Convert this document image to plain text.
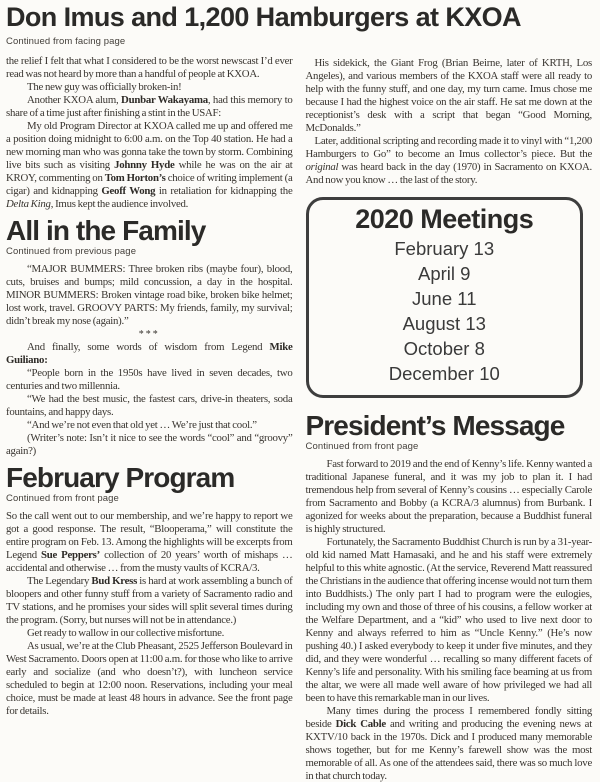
Don Imus and 1,200 Hamburgers at KXOA
Continued from facing page

the relief I felt that what I considered to be the worst newscast I’d ever read was not heard by more than a handful of people at KXOA.

The new guy was officially broken-in!

Another KXOA alum, Dunbar Wakayama, had this memory to share of a time just after finishing a stint in the USAF:

My old Program Director at KXOA called me up and offered me a position doing midnight to 6:00 a.m. on the Top 40 station. He had a new morning man who was gonna take the town by storm. Combining live bits such as visiting Johnny Hyde while he was on the air at KROY, commenting on Tom Horton’s choice of writing implement (a cigar) and kidnapping Geoff Wong in retaliation for kidnapping the Delta King, Imus kept the audience involved.

All in the Family
Continued from previous page

“MAJOR BUMMERS: Three broken ribs (maybe four), blood, cuts, bruises and bumps; mild concussion, a day in the hospital. MINOR BUMMERS: Broken vintage road bike, broken bike helmet; lost work, travel. GROOVY PARTS: My friends, family, my survival; didn’t break my nose (again).”

***

And finally, some words of wisdom from Legend Mike Guiliano:

“People born in the 1950s have lived in seven decades, two centuries and two millennia.

“We had the best music, the fastest cars, drive-in theaters, soda fountains, and happy days.

“And we’re not even that old yet … We’re just that cool.”

(Writer’s note: Isn’t it nice to see the words “cool” and “groovy” again?)

February Program
Continued from front page

So the call went out to our membership, and we’re happy to report we got a good response. The result, “Blooperama,” will constitute the entire program on Feb. 13. Among the highlights will be excerpts from Legend Sue Peppers’ collection of 20 years’ worth of mishaps … accidental and otherwise … from the musty vaults of KCRA/3.

The Legendary Bud Kress is hard at work assembling a bunch of bloopers and other funny stuff from a variety of Sacramento radio and TV stations, and he promises your sides will split several times during the program. (Sorry, but nurses will not be in attendance.)

Get ready to wallow in our collective misfortune.

As usual, we’re at the Club Pheasant, 2525 Jefferson Boulevard in West Sacramento. Doors open at 11:00 a.m. for those who like to arrive early and socialize (and who doesn’t?), with luncheon service scheduled to begin at 12:00 noon. Reservations, including your meal choice, must be made at least 48 hours in advance. See the front page for details.

His sidekick, the Giant Frog (Brian Beirne, later of KRTH, Los Angeles), and various members of the KXOA staff were all ready to help with the funny stuff, and one day, my turn came. Imus chose me because I had the highest voice on the air staff. He sat me down at the receptionist’s desk with a script that began “Good Morning, McDonalds.”

Later, additional scripting and recording made it to vinyl with “1,200 Hamburgers to Go” to become an Imus collector’s piece. But the original was heard back in the day (1970) in Sacramento on KXOA. And now you know … the last of the story.

2020 Meetings
February 13
April 9
June 11
August 13
October 8
December 10
President’s Message
Continued from front page

Fast forward to 2019 and the end of Kenny’s life. Kenny wanted a traditional Japanese funeral, and it was my job to plan it. I had tremendous help from several of Kenny’s cousins … especially Carole from Sacramento and Bobby (a KCRA/3 alumnus) from Burbank. I agonized for weeks about the preparation, because a Buddhist funeral is highly structured.

Fortunately, the Sacramento Buddhist Church is run by a 31-year-old kid named Matt Hamasaki, and he and his staff were extremely helpful to this white agnostic. (At the service, Reverend Matt reassured the Christians in the audience that offering incense would not turn them into Buddhists.) The only part I had to program were the eulogies, including my own and those of three of his cousins, a fellow worker at the Welfare Department, and a “kid” who used to live next door to Kenny and always referred to him as “Uncle Kenny.” (He’s now pushing 40.) I asked everybody to keep it under five minutes, and they did, and they were wonderful … recalling so many different facets of Kenny’s life and personality. With his smiling face beaming at us from the altar, we were all made well aware of how privileged we had all been to have this remarkable man in our lives.

Many times during the process I remembered fondly sitting beside Dick Cable and writing and producing the evening news at KXTV/10 back in the 1970s. Dick and I produced many memorable shows together, but for me Kenny’s farewell show was the most memorable of all. As one of the attendees said, there was so much love in that church today.
